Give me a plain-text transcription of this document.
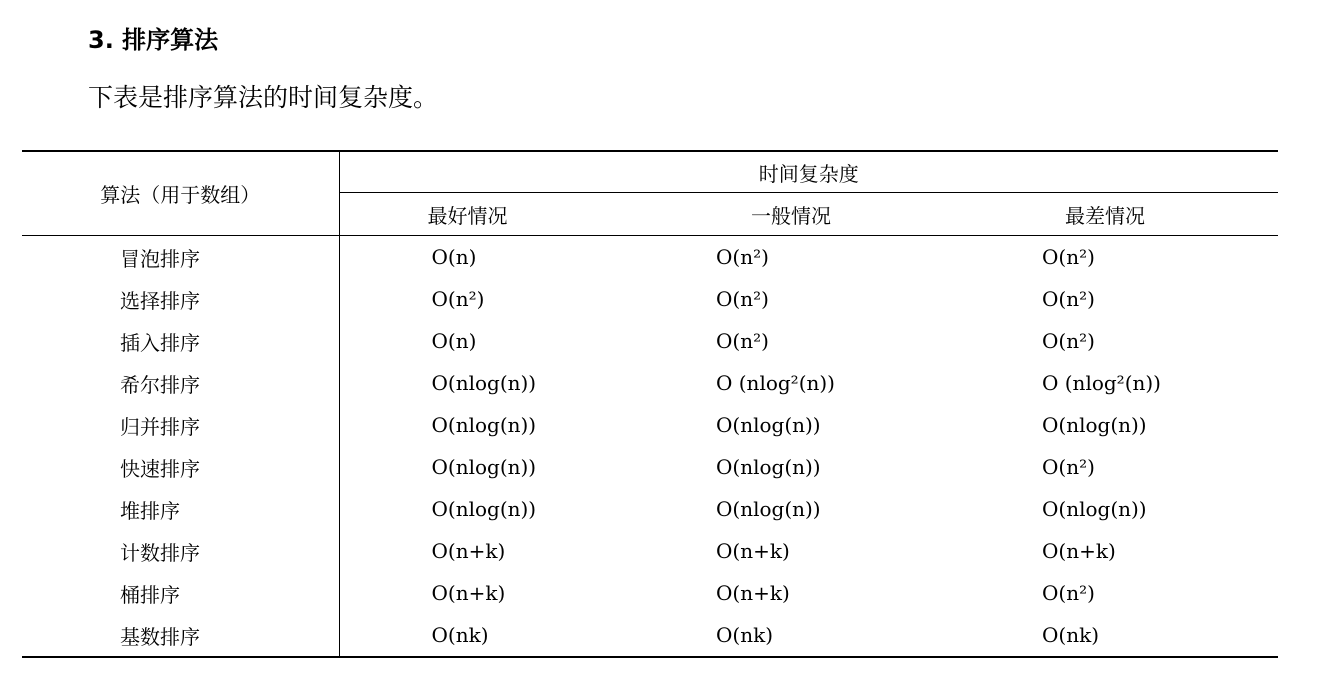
3. 排序算法
下表是排序算法的时间复杂度。
算法（用于数组）	时间复杂度		
	最好情况	一般情况	最差情况
冒泡排序	O(n)	O(n²)	O(n²)
选择排序	O(n²)	O(n²)	O(n²)
插入排序	O(n)	O(n²)	O(n²)
希尔排序	O(nlog(n))	O (nlog²(n))	O (nlog²(n))
归并排序	O(nlog(n))	O(nlog(n))	O(nlog(n))
快速排序	O(nlog(n))	O(nlog(n))	O(n²)
堆排序	O(nlog(n))	O(nlog(n))	O(nlog(n))
计数排序	O(n+k)	O(n+k)	O(n+k)
桶排序	O(n+k)	O(n+k)	O(n²)
基数排序	O(nk)	O(nk)	O(nk)
